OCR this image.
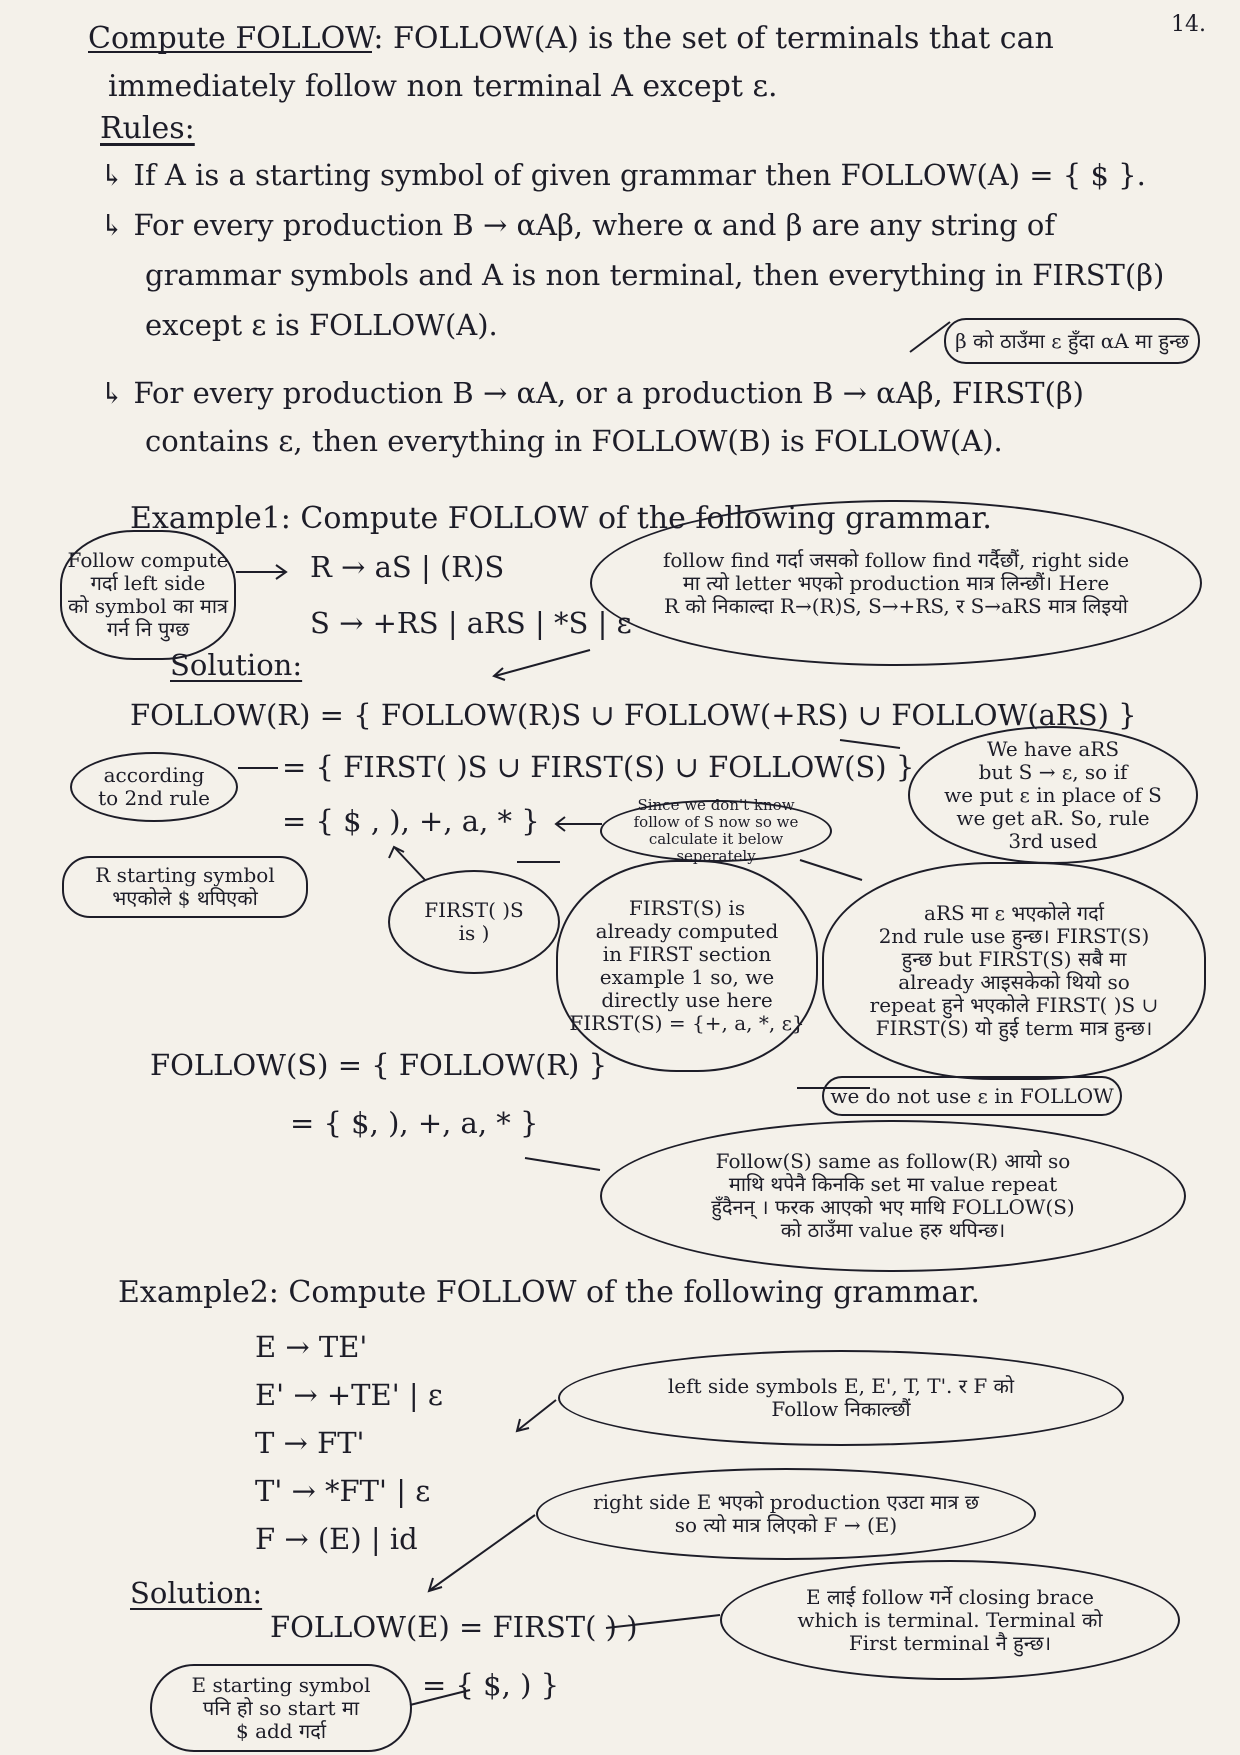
14.
Compute FOLLOW: FOLLOW(A) is the set of terminals that can
immediately follow non terminal A except ε.
Rules:
↳ If A is a starting symbol of given grammar then FOLLOW(A) = { $ }.
↳ For every production B → αAβ, where α and β are any string of
grammar symbols and A is non terminal, then everything in FIRST(β)
except ε is FOLLOW(A).	β को ठाउँमा ε हुँदा αA मा हुन्छ
↳ For every production B → αA, or a production B → αAβ, FIRST(β)
contains ε, then everything in FOLLOW(B) is FOLLOW(A).
Example1: Compute FOLLOW of the following grammar.
Follow compute
गर्दा left side
को symbol का मात्र
गर्न नि पुग्छ
R → aS | (R)S
S → +RS | aRS | *S | ε
follow find गर्दा जसको follow find गर्दैछौं, right side
मा त्यो letter भएको production मात्र लिन्छौं। Here
R को निकाल्दा R→(R)S, S→+RS, र S→aRS मात्र लिइयो
Solution:
FOLLOW(R) = { FOLLOW(R)S ∪ FOLLOW(+RS) ∪ FOLLOW(aRS) }
according
to 2nd rule
= { FIRST( )S ∪ FIRST(S) ∪ FOLLOW(S) }
= { $ , ), +, a, * }
R starting symbol
भएकोले $ थपिएको
Since we don't know
follow of S now so we
calculate it below
seperately
We have aRS
but S → ε, so if
we put ε in place of S
we get aR. So, rule
3rd used
FIRST( )S
is )
FIRST(S) is
already computed
in FIRST section
example 1 so, we
directly use here
FIRST(S) = {+, a, *, ε}
aRS मा ε भएकोले गर्दा
2nd rule use हुन्छ। FIRST(S)
हुन्छ but FIRST(S) सबै मा
already आइसकेको थियो so
repeat हुने भएकोले FIRST( )S ∪
FIRST(S) यो हुई term मात्र हुन्छ।
FOLLOW(S) = { FOLLOW(R) }
= { $, ), +, a, * }
we do not use ε in FOLLOW
Follow(S) same as follow(R) आयो so
माथि थपेनै किनकि set मा value repeat
हुँदैनन् । फरक आएको भए माथि FOLLOW(S)
को ठाउँमा value हरु थपिन्छ।
Example2: Compute FOLLOW of the following grammar.
E → TE'
E' → +TE' | ε
T → FT'
T' → *FT' | ε
F → (E) | id
left side symbols E, E', T, T'. र F को
Follow निकाल्छौं
right side E भएको production एउटा मात्र छ
so त्यो मात्र लिएको F → (E)
Solution:
FOLLOW(E) = FIRST( ) )
= { $, ) }
E लाई follow गर्ने closing brace
which is terminal. Terminal को
First terminal नै हुन्छ।
E starting symbol
पनि हो so start मा
$ add गर्दा
